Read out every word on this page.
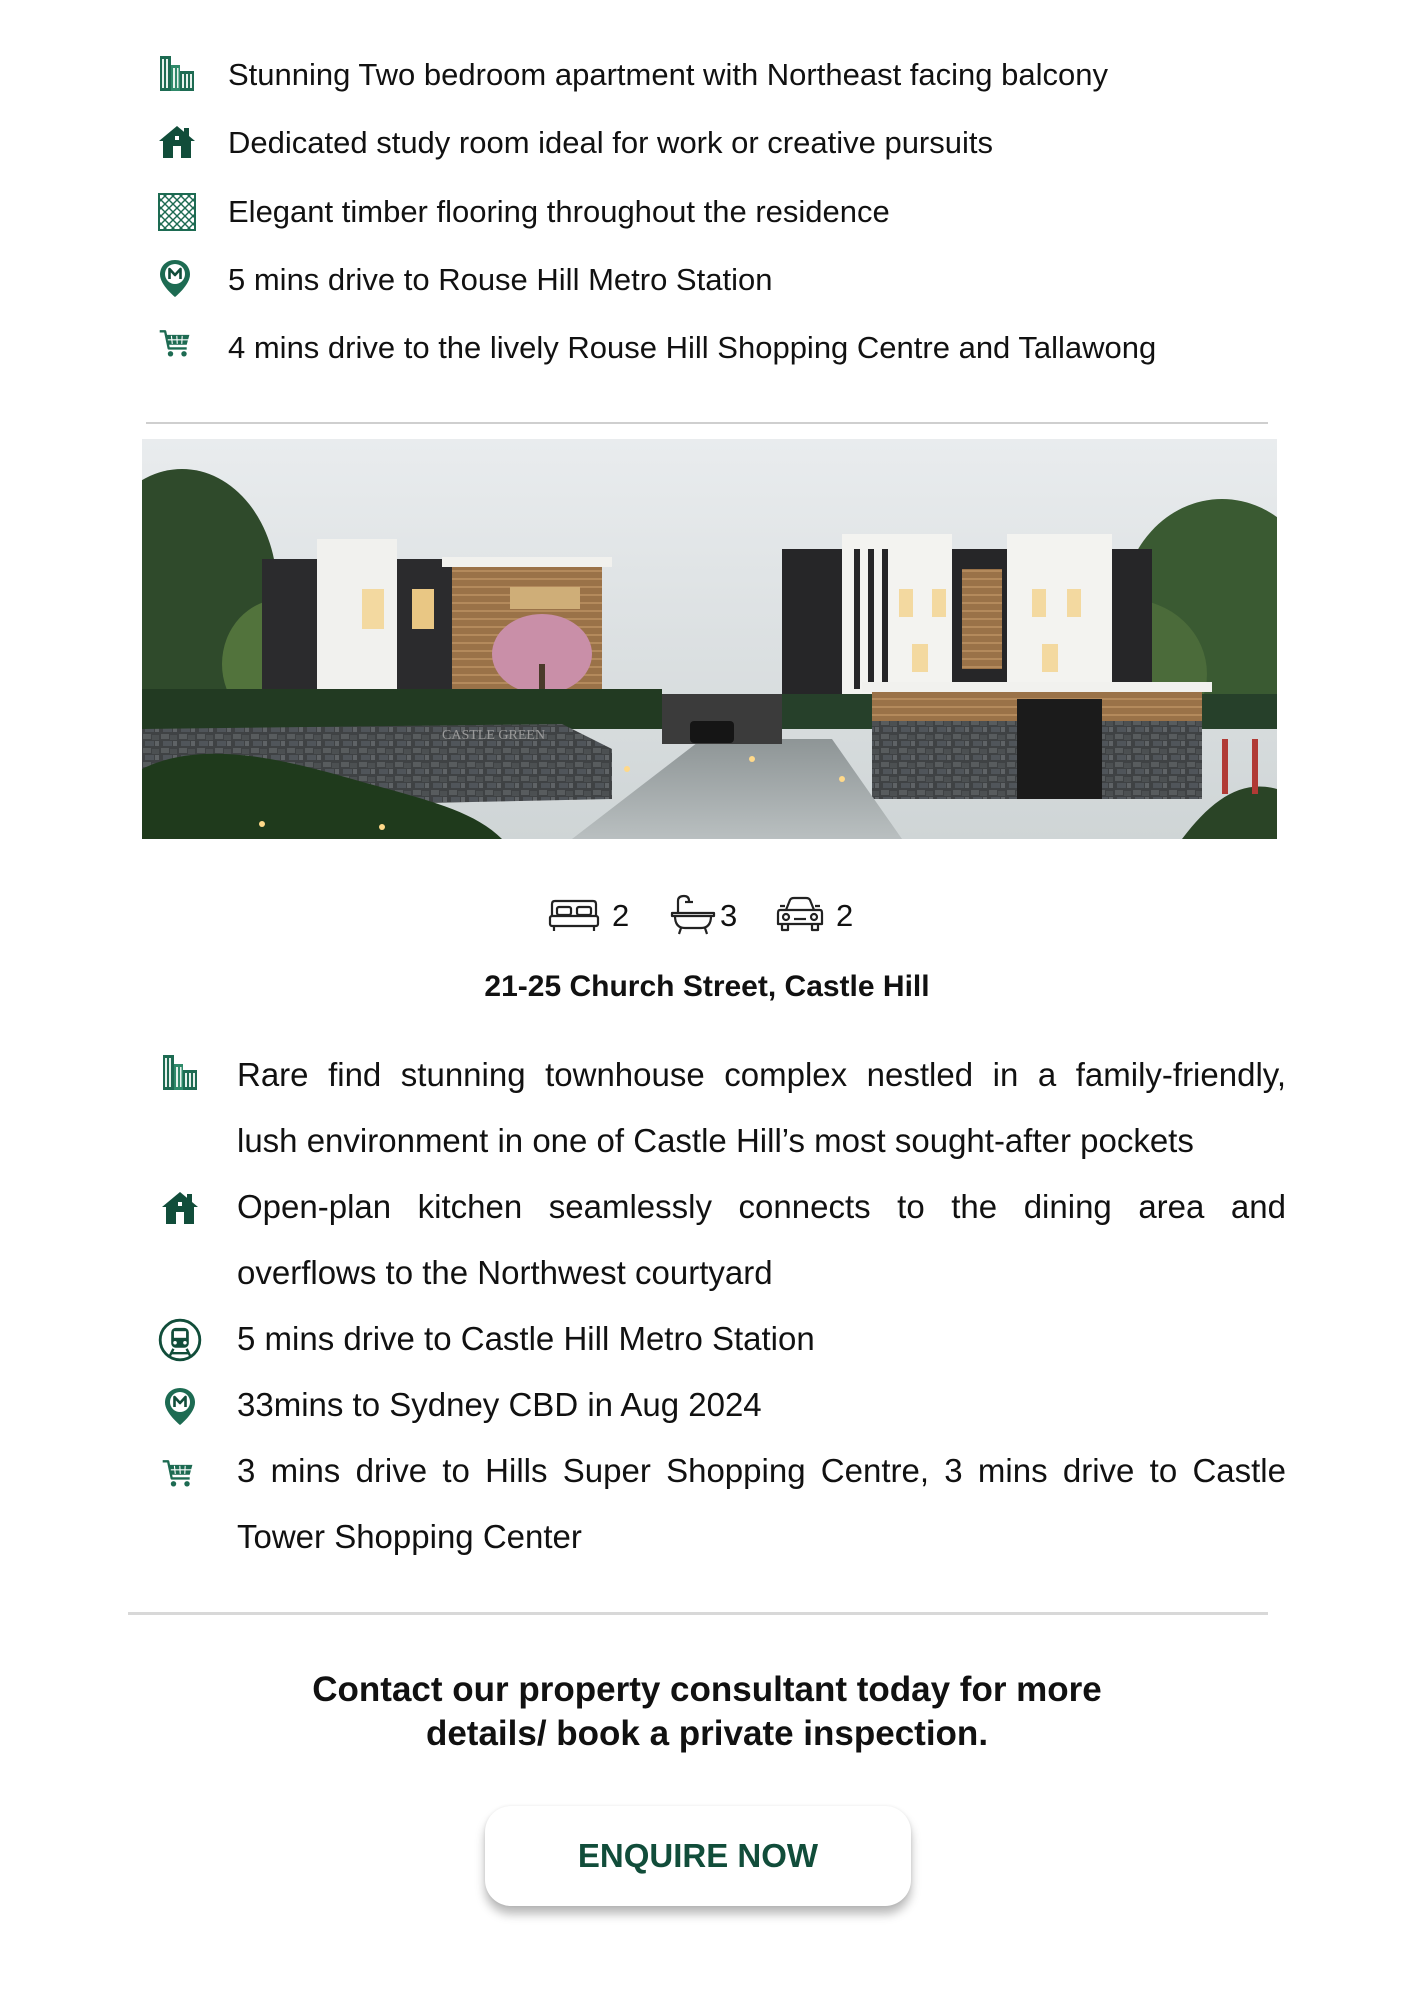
Stunning Two bedroom apartment with Northeast facing balcony
Dedicated study room ideal for work or creative pursuits
Elegant timber flooring throughout the residence
5 mins drive to Rouse Hill Metro Station
4 mins drive to the lively Rouse Hill Shopping Centre and Tallawong
CASTLE GREEN
2	3	2
21-25 Church Street, Castle Hill
Rare find stunning townhouse complex nestled in a family-friendly,
lush environment in one of Castle Hill’s most sought-after pockets
Open-plan kitchen seamlessly connects to the dining area and
overflows to the Northwest courtyard
5 mins drive to Castle Hill Metro Station
33mins to Sydney CBD in Aug 2024
3 mins drive to Hills Super Shopping Centre, 3 mins drive to Castle
Tower Shopping Center
Contact our property consultant today for more
details/ book a private inspection.
ENQUIRE NOW
